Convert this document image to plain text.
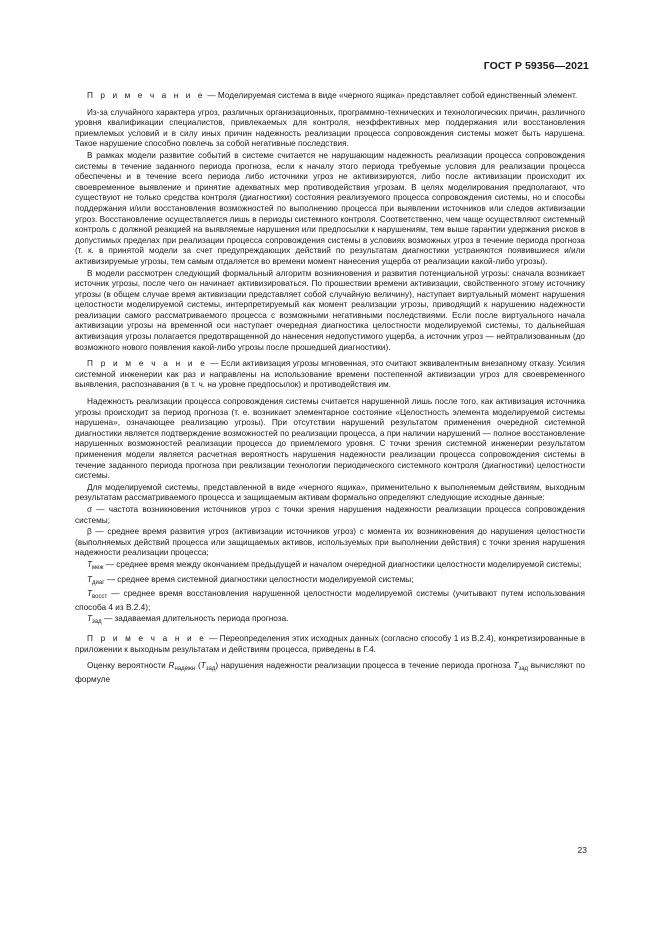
ГОСТ Р 59356—2021

П р и м е ч а н и е — Моделируемая система в виде «черного ящика» представляет собой единственный элемент.

Из-за случайного характера угроз, различных организационных, программно-технических и технологических причин, различного уровня квалификации специалистов, привлекаемых для контроля, неэффективных мер поддержания или восстановления приемлемых условий и в силу иных причин надежность реализации процесса сопровождения системы может быть нарушена. Такое нарушение способно повлечь за собой негативные последствия.

В рамках модели развитие событий в системе считается не нарушающим надежность реализации процесса сопровождения системы в течение заданного периода прогноза, если к началу этого периода требуемые условия для реализации процесса обеспечены и в течение всего периода либо источники угроз не активизируются, либо после активизации происходит их своевременное выявление и принятие адекватных мер противодействия угрозам. В целях моделирования предполагают, что существуют не только средства контроля (диагностики) состояния реализуемого процесса сопровождения системы, но и способы поддержания и/или восстановления возможностей по выполнению процесса при выявлении источников или следов активизации угроз. Восстановление осуществляется лишь в периоды системного контроля. Соответственно, чем чаще осуществляют системный контроль с должной реакцией на выявляемые нарушения или предпосылки к нарушениям, тем выше гарантии удержания рисков в допустимых пределах при реализации процесса сопровождения системы в условиях возможных угроз в течение периода прогноза (т. к. в принятой модели за счет предупреждающих действий по результатам диагностики устраняются появившиеся и/или активизируемые угрозы, тем самым отдаляется во времени момент нанесения ущерба от реализации какой-либо угрозы).

В модели рассмотрен следующий формальный алгоритм возникновения и развития потенциальной угрозы: сначала возникает источник угрозы, после чего он начинает активизироваться. По прошествии времени активизации, свойственного этому источнику угрозы (в общем случае время активизации представляет собой случайную величину), наступает виртуальный момент нарушения целостности моделируемой системы, интерпретируемый как момент реализации угрозы, приводящий к нарушению надежности реализации самого рассматриваемого процесса с возможными негативными последствиями. Если после виртуального начала активизации угрозы на временной оси наступает очередная диагностика целостности моделируемой системы, то дальнейшая активизация угрозы полагается предотвращенной до нанесения недопустимого ущерба, а источник угроз — нейтрализованным (до возможного нового появления какой-либо угрозы после прошедшей диагностики).

П р и м е ч а н и е — Если активизация угрозы мгновенная, это считают эквивалентным внезапному отказу. Усилия системной инженерии как раз и направлены на использование времени постепенной активизации угроз для своевременного выявления, распознавания (в т. ч. на уровне предпосылок) и противодействия им.

Надежность реализации процесса сопровождения системы считается нарушенной лишь после того, как активизация источника угрозы происходит за период прогноза (т. е. возникает элементарное состояние «Целостность элемента моделируемой системы нарушена», означающее реализацию угрозы). При отсутствии нарушений результатом применения очередной системной диагностики является подтверждение возможностей по реализации процесса, а при наличии нарушений — полное восстановление нарушенных возможностей реализации процесса до приемлемого уровня. С точки зрения системной инженерии результатом применения модели является расчетная вероятность нарушения надежности реализации процесса сопровождения системы в течение заданного периода прогноза при реализации технологии периодического системного контроля (диагностики) целостности системы.

Для моделируемой системы, представленной в виде «черного ящика», применительно к выполняемым действиям, выходным результатам рассматриваемого процесса и защищаемым активам формально определяют следующие исходные данные:

σ — частота возникновения источников угроз с точки зрения нарушения надежности реализации процесса сопровождения системы;

β — среднее время развития угроз (активизации источников угроз) с момента их возникновения до нарушения целостности (выполняемых действий процесса или защищаемых активов, используемых при выполнении действия) с точки зрения нарушения надежности реализации процесса;

$T_{меж}$ — среднее время между окончанием предыдущей и началом очередной диагностики целостности моделируемой системы;

$T_{диаг}$ — среднее время системной диагностики целостности моделируемой системы;

$T_{восст}$ — среднее время восстановления нарушенной целостности моделируемой системы (учитывают путем использования способа 4 из В.2.4);

$T_{зад}$ — задаваемая длительность периода прогноза.

П р и м е ч а н и е — Переопределения этих исходных данных (согласно способу 1 из В.2.4), конкретизированные в приложении к выходным результатам и действиям процесса, приведены в Г.4.

Оценку вероятности $R_{надежн}$ $(T_{зад})$ нарушения надежности реализации процесса в течение периода прогноза $T_{зад}$ вычисляют по формуле

23
